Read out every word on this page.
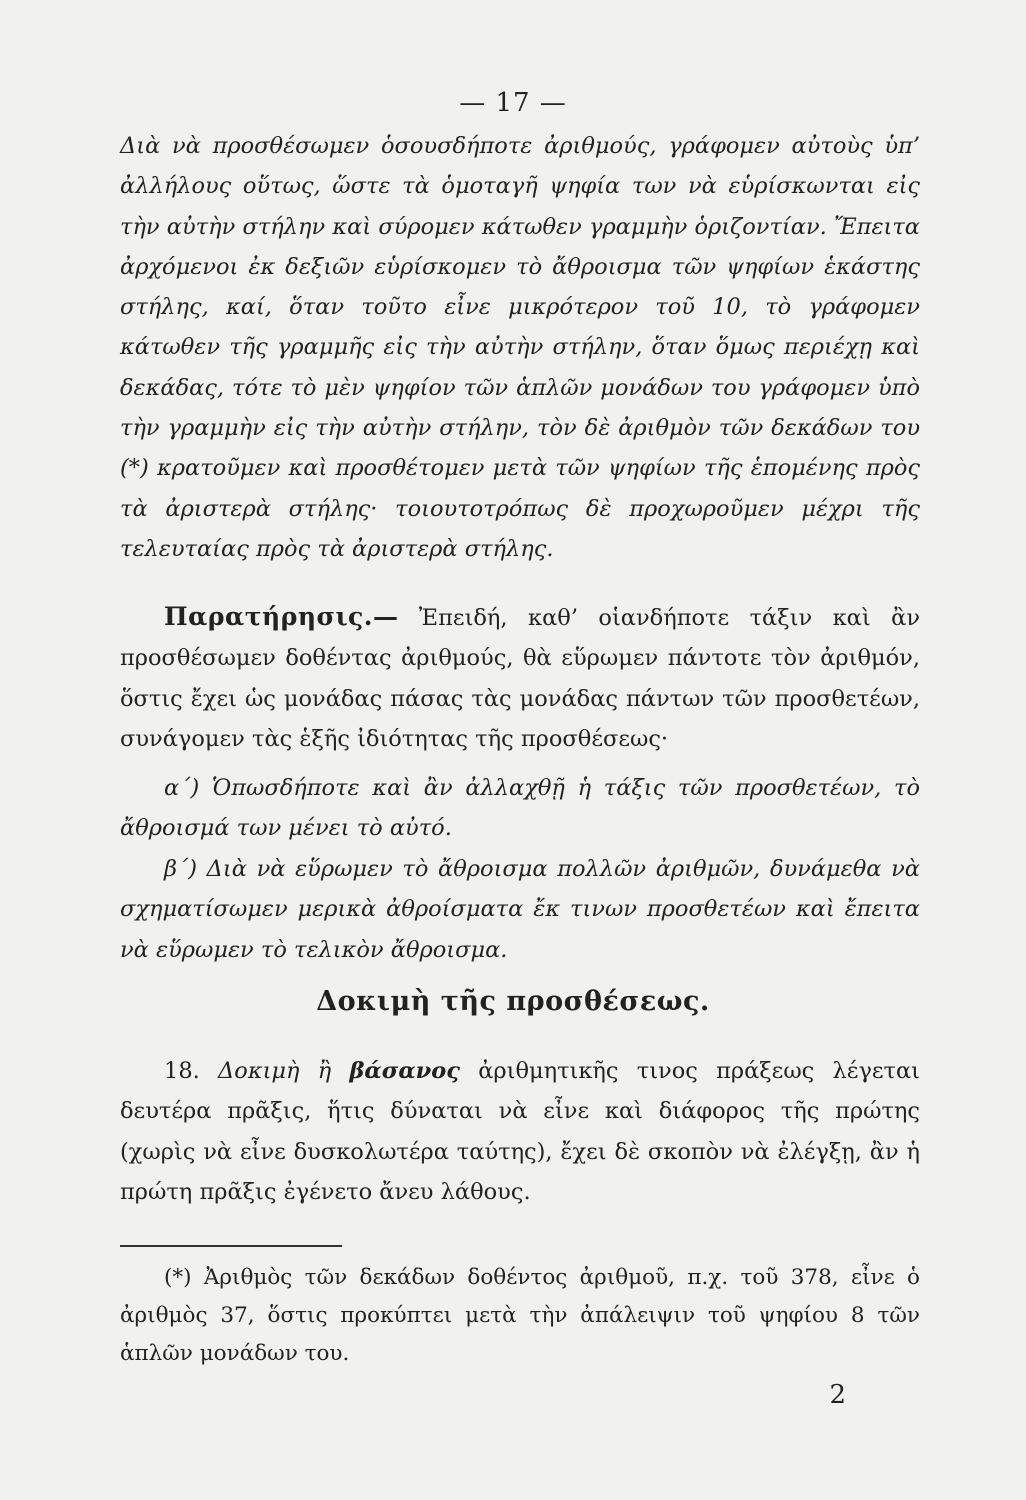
— 17 —
Διὰ νὰ προσθέσωμεν ὁσουσδήποτε ἀριθμούς, γράφομεν αὐτοὺς ὑπ’ ἀλλήλους οὕτως, ὥστε τὰ ὁμοταγῆ ψηφία των νὰ εὑρίσκωνται εἰς τὴν αὐτὴν στήλην καὶ σύρομεν κάτωθεν γραμμὴν ὁριζοντίαν. Ἔπειτα ἀρχόμενοι ἐκ δεξιῶν εὑρίσκομεν τὸ ἄθροισμα τῶν ψηφίων ἑκάστης στήλης, καί, ὅταν τοῦτο εἶνε μικρότερον τοῦ 10, τὸ γράφομεν κάτωθεν τῆς γραμμῆς εἰς τὴν αὐτὴν στήλην, ὅταν ὅμως περιέχῃ καὶ δεκάδας, τότε τὸ μὲν ψηφίον τῶν ἁπλῶν μονάδων του γράφομεν ὑπὸ τὴν γραμμὴν εἰς τὴν αὐτὴν στήλην, τὸν δὲ ἀριθμὸν τῶν δεκάδων του (*) κρατοῦμεν καὶ προσθέτομεν μετὰ τῶν ψηφίων τῆς ἑπομένης πρὸς τὰ ἀριστερὰ στήλης· τοιουτοτρόπως δὲ προχωροῦμεν μέχρι τῆς τελευταίας πρὸς τὰ ἀριστερὰ στήλης.
Παρατήρησις.— Ἐπειδή, καθ’ οἱανδήποτε τάξιν καὶ ἂν προσθέσωμεν δοθέντας ἀριθμούς, θὰ εὕρωμεν πάντοτε τὸν ἀριθμόν, ὅστις ἔχει ὡς μονάδας πάσας τὰς μονάδας πάντων τῶν προσθετέων, συνάγομεν τὰς ἑξῆς ἰδιότητας τῆς προσθέσεως·
α΄) Ὁπωσδήποτε καὶ ἂν ἀλλαχθῇ ἡ τάξις τῶν προσθετέων, τὸ ἄθροισμά των μένει τὸ αὐτό.
β΄) Διὰ νὰ εὕρωμεν τὸ ἄθροισμα πολλῶν ἀριθμῶν, δυνάμεθα νὰ σχηματίσωμεν μερικὰ ἀθροίσματα ἔκ τινων προσθετέων καὶ ἔπειτα νὰ εὕρωμεν τὸ τελικὸν ἄθροισμα.
Δοκιμὴ τῆς προσθέσεως.
18. Δοκιμὴ ἢ βάσανος ἀριθμητικῆς τινος πράξεως λέγεται δευτέρα πρᾶξις, ἥτις δύναται νὰ εἶνε καὶ διάφορος τῆς πρώτης (χωρὶς νὰ εἶνε δυσκολωτέρα ταύτης), ἔχει δὲ σκοπὸν νὰ ἐλέγξῃ, ἂν ἡ πρώτη πρᾶξις ἐγένετο ἄνευ λάθους.
(*) Ἀριθμὸς τῶν δεκάδων δοθέντος ἀριθμοῦ, π.χ. τοῦ 378, εἶνε ὁ ἀριθμὸς 37, ὅστις προκύπτει μετὰ τὴν ἀπάλειψιν τοῦ ψηφίου 8 τῶν ἁπλῶν μονάδων του.
2
